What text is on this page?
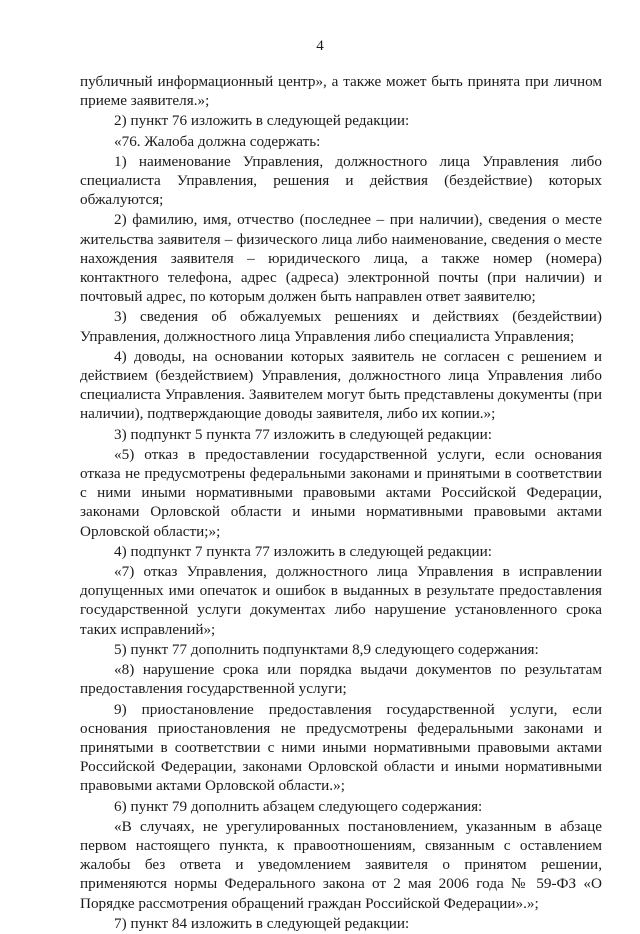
4

публичный информационный центр», а также может быть принята при личном приеме заявителя.»;

2) пункт 76 изложить в следующей редакции:

«76. Жалоба должна содержать:

1) наименование Управления, должностного лица Управления либо специалиста Управления, решения и действия (бездействие) которых обжалуются;

2) фамилию, имя, отчество (последнее – при наличии), сведения о месте жительства заявителя – физического лица либо наименование, сведения о месте нахождения заявителя – юридического лица, а также номер (номера) контактного телефона, адрес (адреса) электронной почты (при наличии) и почтовый адрес, по которым должен быть направлен ответ заявителю;

3) сведения об обжалуемых решениях и действиях (бездействии) Управления, должностного лица Управления либо специалиста Управления;

4) доводы, на основании которых заявитель не согласен с решением и действием (бездействием) Управления, должностного лица Управления либо специалиста Управления. Заявителем могут быть представлены документы (при наличии), подтверждающие доводы заявителя, либо их копии.»;

3) подпункт 5 пункта 77 изложить в следующей редакции:

«5) отказ в предоставлении государственной услуги, если основания отказа не предусмотрены федеральными законами и принятыми в соответствии с ними иными нормативными правовыми актами Российской Федерации, законами Орловской области и иными нормативными правовыми актами Орловской области;»;

4) подпункт 7 пункта 77 изложить в следующей редакции:

«7) отказ Управления, должностного лица Управления в исправлении допущенных ими опечаток и ошибок в выданных в результате предоставления государственной услуги документах либо нарушение установленного срока таких исправлений»;

5) пункт 77 дополнить подпунктами 8,9 следующего содержания:

«8) нарушение срока или порядка выдачи документов по результатам предоставления государственной услуги;

9) приостановление предоставления государственной услуги, если основания приостановления не предусмотрены федеральными законами и принятыми в соответствии с ними иными нормативными правовыми актами Российской Федерации, законами Орловской области и иными нормативными правовыми актами Орловской области.»;

6) пункт 79 дополнить абзацем следующего содержания:

«В случаях, не урегулированных постановлением, указанным в абзаце первом настоящего пункта, к правоотношениям, связанным с оставлением жалобы без ответа и уведомлением заявителя о принятом решении, применяются нормы Федерального закона от 2 мая 2006 года № 59-ФЗ «О Порядке рассмотрения обращений граждан Российской Федерации».»;

7) пункт 84 изложить в следующей редакции:
